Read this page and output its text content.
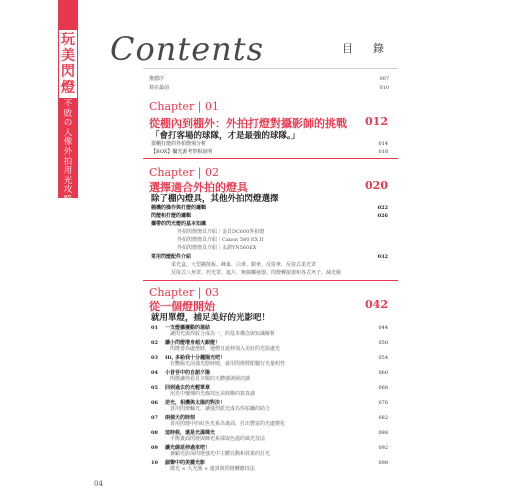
玩
美
閃
燈
不
敗
の
人
像
外
拍
用
光
攻
略
Contents	目錄
推薦序	007
寫在最前	010
Chapter | 01
從棚內到棚外：外拍打燈對攝影師的挑戰 012
「會打客場的球隊，才是最強的球隊。」
當棚打燈的外拍燈場分析	014
【BOX】攝光源考察相說明	018
Chapter | 02
選擇適合外拍的燈具	020
除了棚內燈具，其他外拍閃燈選擇
棚機的操作與打燈的邏輯	022
閃燈和打燈的邏輯	026
攜帶的閃光燈的基本知識
外拍閃燈燈具介紹｜金貝DC600外拍燈
外拍閃燈燈具介紹｜Canon 580 EX II
外拍閃燈燈具介紹｜永諾YN560EX
常用閃燈配件介紹	032
柔光盒、大型擴散板、蜂巢、白傘、銀傘、反射傘、反射式柔光罩
反射式八角罩、控光罩、遮片、無線觸發器、閃燈轉接器和各式夾子、減光鏡
Chapter | 03
從一個燈開始	042
就用單燈，捕足美好的光影吧！
01 一支燈攝擾動的連結	044
讓閃光與焊紋合成為一，的基本構念與知識解析
02 讓小閃燈增身超大銀燈！	050
閃燈善為處燈時，地標且延伸加入美好的光影處光
03 Hi, 多給我十分鐘陽光吧！	054
在艷陽光前強光陰時晴，就用閃燈將配屬行光量明性
04 小昔吾中的自創夕陽	060
閃燈讓你看見夕陽的天體感與層次感
05 回到過去的光輕單章	068
用光中懷傳的光線技比美時瞭的寫真感
06 逆光，相機與太陽的對決！	076
善用閃燈輸光，讓強烈派光成為你拍攝的助力
07 兩個天的時刻	082
善用閃燈中的紅色光系為畫面，打出豐富的光處變化
08 這時候，還是光滿暉光	088
平衡畫面閃燈與暉光系採取色溫的風光技法
09 讓光線延伸過來吧！	092
兼顧光影深閃燈強光中主體亮動和效果的打光
10 細聲中的美麗光影	098
微光 × 大光圈 × 連貫與閃燈轉應技法
04
